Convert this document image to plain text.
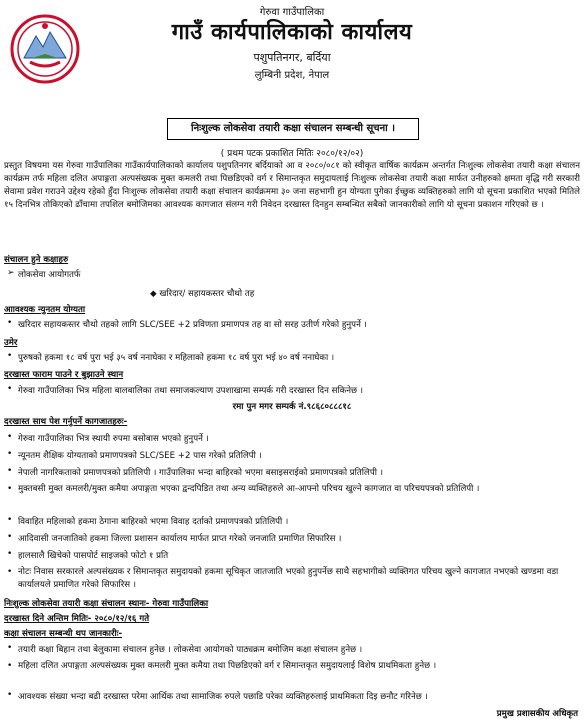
गेरुवा गाउँपालिका
गाउँ कार्यपालिकाको कार्यालय
पशुपतिनगर, बर्दिया
लुम्बिनी प्रदेश, नेपाल
निःशुल्क लोकसेवा तयारी कक्षा संचालन सम्बन्धी सूचना ।
( प्रथम पटक प्रकाशित मितिः २०८०/१२/०२)
प्रस्तुत विषयमा यस गेरुवा गाउँपालिका गाउँकार्यपालिकाको कार्यालय पशुपतिनगर बर्दियाको आ व २०८०/०८१ को स्वीकृत वार्षिक कार्यक्रम अन्तर्गत निःशुल्क लोकसेवा तयारी कक्षा संचालन कार्यक्रम तर्फ महिला दलित अपाङ्गता अल्पसंख्यक मुक्त कमलरी तथा पिछडिएको वर्ग र सिमान्तकृत समुदायलाई निःशुल्क लोकसेवा तयारी कक्षा मार्फत उनीहरुको क्षमता वृद्धि गरी सरकारी सेवामा प्रवेश गराउने उद्देश्य रहेको हुँदा निःशुल्क लोकसेवा तयारी कक्षा संचालन कार्यक्रममा ३० जना सहभागी हुन योग्यता पुगेका ईच्छुक व्यक्तिहरुको लागि यो सूचना प्रकाशित भएको मितिले १५ दिनभित्र तोकिएको ढाँचामा तपशिल बमोजिमका आवश्यक कागजात संलग्न गरी निवेदन दरखास्त दिनहुन सम्बन्धित सबैको जानकारीको लागि यो सूचना प्रकाशन गरिएको छ ।
संचालन हुने कक्षाहरु
➢ लोकसेवा आयोगतर्फ
◆ खरिदार/ सहायकस्तर चौथो तह
आावश्यक न्युनतम योग्यता
• खरिदार सहायकस्तर चौथो तहको लागि SLC/SEE +2 प्रविणता प्रमाणपत्र तह वा सो सरह उतीर्ण गरेको हुनुपर्ने ।
उमेर
• पुरुषको हकमा १८ वर्ष पुरा भई ३५ वर्ष ननाघेका र महिलाको हकमा १८ वर्ष पुरा भई ४० वर्ष ननाघेका ।
दरखास्त फाराम पाउने र बुझाउने स्थान
• गेरुवा गाउँपालिका भित्र महिला बालबालिका तथा समाजकल्याण उपशाखामा सम्पर्क गरी दरखास्त दिन सकिनेछ ।
रमा पुन मगर सम्पर्क नं.९८६८०८८८१८
दरखास्त साथ पेश गर्नुपर्ने कागजातहरुः-
• गेरुवा गाउँपालिका भित्र स्थायी रुपमा बसोबास भएको हुनुपर्ने ।
• न्यूनतम शैक्षिक योग्यताको प्रमाणपत्रको SLC/SEE +2 पास गरेको प्रतिलिपी ।
• नेपाली नागरिकताको प्रमाणपत्रको प्रतिलिपी । गाउँपालिका भन्दा बाहिरको भएमा बसाइसराईको प्रमाणपत्रको प्रतिलिपी ।
• मुक्तबसी मुक्त कमलरी/मुक्त कमैया अपाङ्गता भएका द्वन्दपिडित तथा अन्य व्यक्तिहरुले आ-आफ्नो परिचय खुल्ने कागजात वा परिचयपत्रको प्रतिलिपी ।
• विवाहित महिलाको हकमा ठेगाना बाहिरको भएमा विवाह दर्ताको प्रमाणपत्रको प्रतिलिपी ।
• आदिवासी जनजातिको हकमा जिल्ला प्रशासन कार्यालय मार्फत प्राप्त गरेको जनजाति प्रमाणित सिफारिस ।
• हालसालै खिचेको पासपोर्ट साइजको फोटो १ प्रति
• नोटः निवास सरकारले अल्पसंख्यक र सिमान्तकृत समुदायको हकमा सूचिकृत जातजाति भएको हुनुपर्नेछ साथै सहभागीको व्यक्तिगत परिचय खुल्ने कागजात नभएको खण्डमा वडा कार्यालयले प्रमाणित गरेको सिफारिस ।
निःशुल्क लोकसेवा तयारी कक्षा संचालन स्थानः- गेरुवा गाउँपालिका
दरखास्त दिने अन्तिम मितिः- २०८०/१२/१६ गते
कक्षा संचालन सम्बन्धी थप जानकारीः-
• तयारी कक्षा बिहान तथा बेलुकामा संचालन हुनेछ । लोकसेवा आयोगको पाठ्यक्रम बमोजिम कक्षा संचालन हुनेछ ।
• महिला दलित अपाङ्गता अल्पसंख्यक मुक्त कमलरी मुक्त कमैया तथा पिछडिएको वर्ग र सिमान्तकृत समुदायलाई विशेष प्राथमिकता हुनेछ ।
• आवश्यक संख्या भन्दा बढी दरखास्त परेमा आर्थिक तथा सामाजिक रुपले पछाडि परेका व्यक्तिहरुलाई प्राथमिकता दिइ छनौट गरिनेछ ।
प्रमुख प्रशासकीय अधिकृत
